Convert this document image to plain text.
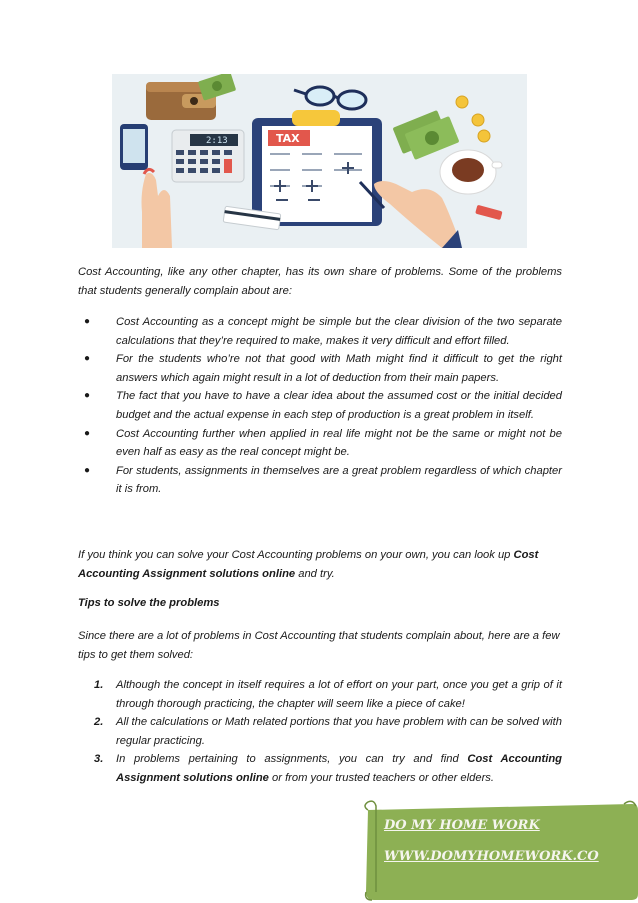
2:13	TAX

Cost Accounting, like any other chapter, has its own share of problems. Some of the problems that students generally complain about are:

● Cost Accounting as a concept might be simple but the clear division of the two separate calculations that they’re required to make, makes it very difficult and effort filled.
● For the students who’re not that good with Math might find it difficult to get the right answers which again might result in a lot of deduction from their main papers.
● The fact that you have to have a clear idea about the assumed cost or the initial decided budget and the actual expense in each step of production is a great problem in itself.
● Cost Accounting further when applied in real life might not be the same or might not be even half as easy as the real concept might be.
● For students, assignments in themselves are a great problem regardless of which chapter it is from.

If you think you can solve your Cost Accounting problems on your own, you can look up Cost Accounting Assignment solutions online and try.

Tips to solve the problems

Since there are a lot of problems in Cost Accounting that students complain about, here are a few tips to get them solved:

1. Although the concept in itself requires a lot of effort on your part, once you get a grip of it through thorough practicing, the chapter will seem like a piece of cake!
2. All the calculations or Math related portions that you have problem with can be solved with regular practicing.
3. In problems pertaining to assignments, you can try and find Cost Accounting Assignment solutions online or from your trusted teachers or other elders.
DO MY HOME WORK
WWW.DOMYHOMEWORK.CO
